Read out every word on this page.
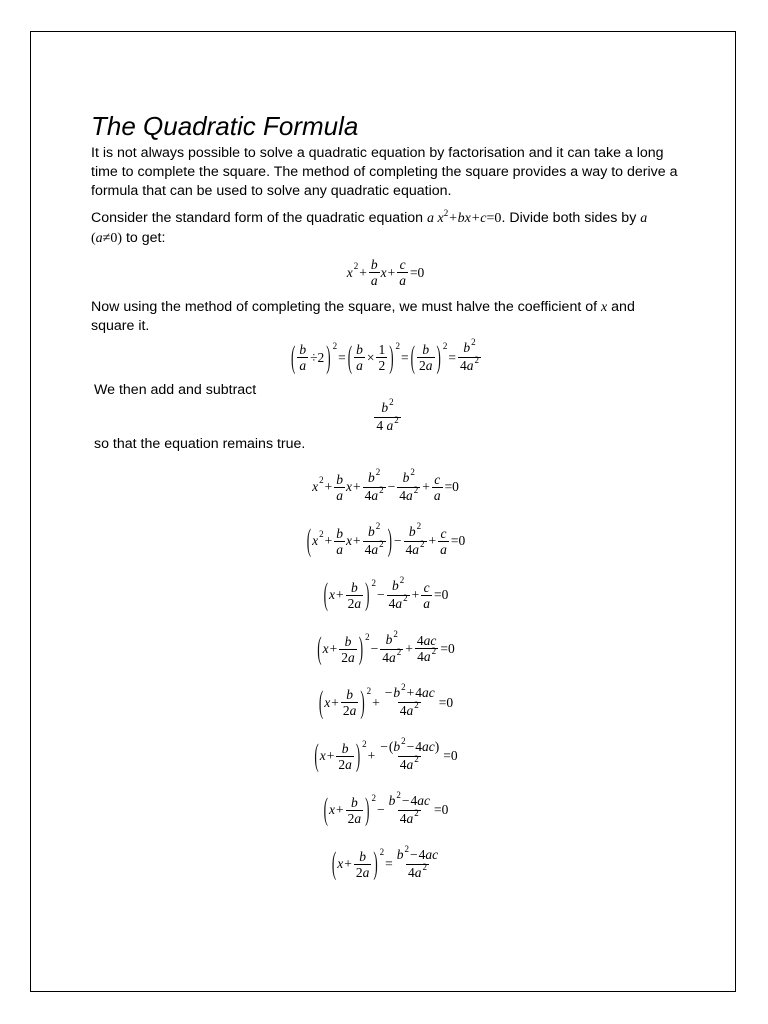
The Quadratic Formula

It is not always possible to solve a quadratic equation by factorisation and it can take a long time to complete the square. The method of completing the square provides a way to derive a formula that can be used to solve any quadratic equation.

Consider the standard form of the quadratic equation a $x^2+bx+c=0$. Divide both sides by a (a≠0) to get:

x $2 + \frac{b}{a}$ $x + \frac{c}{a} =0$

Now using the method of completing the square, we must halve the coefficient of x and square it.

( $\frac{b}{a} \div 2$ ) 2
= ( $\frac{b}{a} \times \frac{1}{2}$ ) 2
= ( $\frac{b}{2a}$ ) 2
= $\frac{b^2}{4a^2}$

We then add and subtract
$\frac{b^2}{4 a^2}$
so that the equation remains true.

x $2 + \frac{b}{a}$ $x + \frac{b^2}{4a^2} - \frac{b^2}{4a^2} + \frac{c}{a} =0$
( x $2 + \frac{b}{a}$ $x + \frac{b^2}{4a^2}$ ) − $\frac{b^2}{4a^2} + \frac{c}{a} =0$
( $x + \frac{b}{2a}$ ) 2
− $\frac{b^2}{4a^2} + \frac{c}{a} =0$
( $x + \frac{b}{2a}$ ) 2
− $\frac{b^2}{4a^2} + \frac{4ac}{4a^2} =0$
( $x + \frac{b}{2a}$ ) 2
+ $\frac{-b^2+4ac}{4a^2} =0$
( $x + \frac{b}{2a}$ ) 2
+ $\frac{-(b^2-4ac)}{4a^2} =0$
( $x + \frac{b}{2a}$ ) 2
− $\frac{b^2-4ac}{4a^2} =0$
( $x + \frac{b}{2a}$ ) 2
= $\frac{b^2-4ac}{4a^2}$
